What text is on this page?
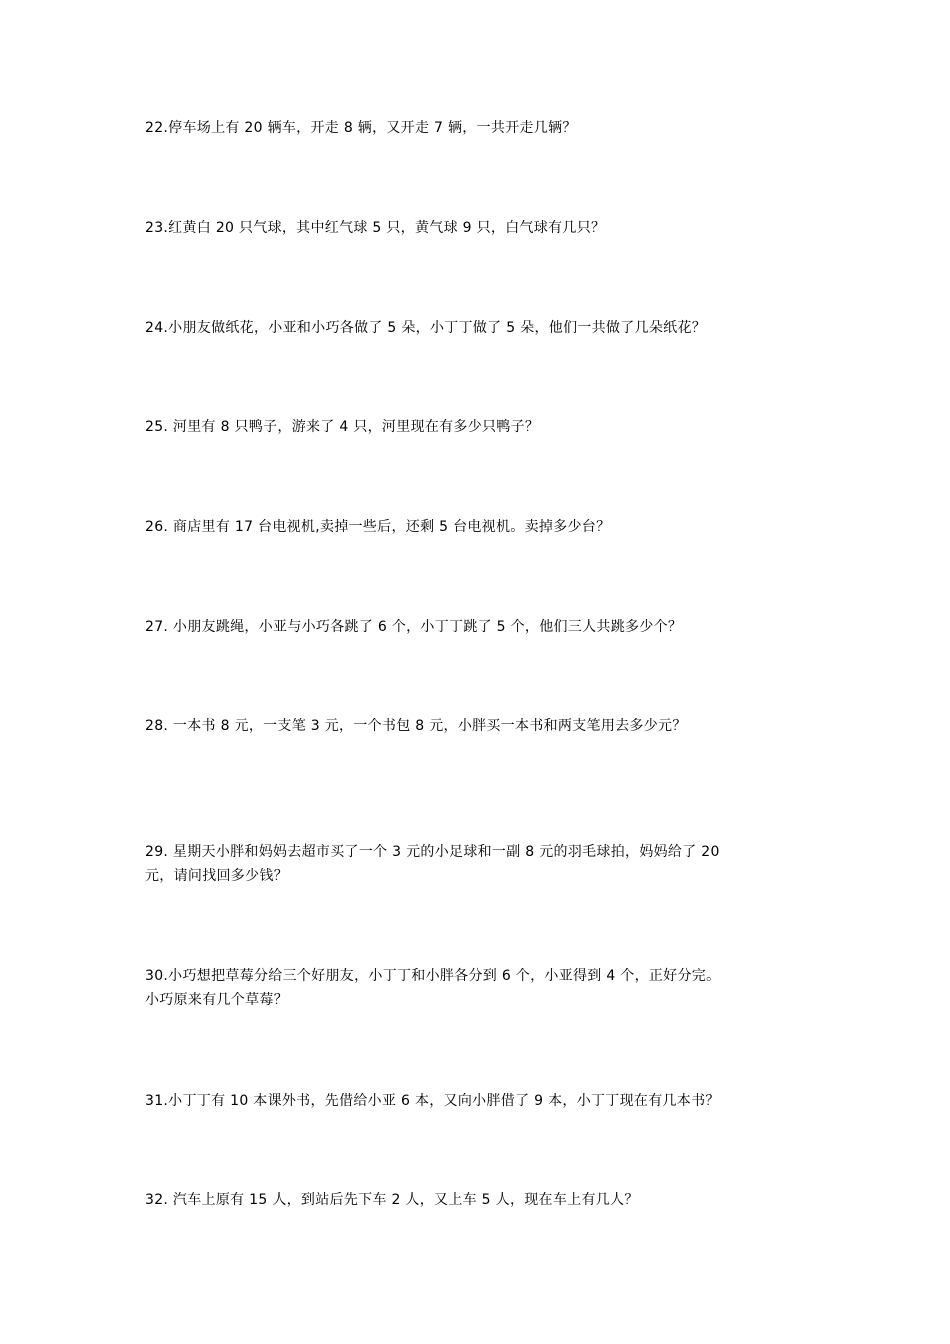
22.停车场上有 20 辆车，开走 8 辆，又开走 7 辆，一共开走几辆？

23.红黄白 20 只气球，其中红气球 5 只，黄气球 9 只，白气球有几只？

24.小朋友做纸花，小亚和小巧各做了 5 朵，小丁丁做了 5 朵，他们一共做了几朵纸花？

25. 河里有 8 只鸭子，游来了 4 只，河里现在有多少只鸭子？

26. 商店里有 17 台电视机,卖掉一些后，还剩 5 台电视机。卖掉多少台？

27. 小朋友跳绳，小亚与小巧各跳了 6 个，小丁丁跳了 5 个，他们三人共跳多少个？

28. 一本书 8 元，一支笔 3 元，一个书包 8 元，小胖买一本书和两支笔用去多少元？

29. 星期天小胖和妈妈去超市买了一个 3 元的小足球和一副 8 元的羽毛球拍，妈妈给了 20
元，请问找回多少钱？

30.小巧想把草莓分给三个好朋友，小丁丁和小胖各分到 6 个，小亚得到 4 个，正好分完。
小巧原来有几个草莓？

31.小丁丁有 10 本课外书，先借给小亚 6 本，又向小胖借了 9 本，小丁丁现在有几本书？

32. 汽车上原有 15 人，到站后先下车 2 人，又上车 5 人，现在车上有几人？
